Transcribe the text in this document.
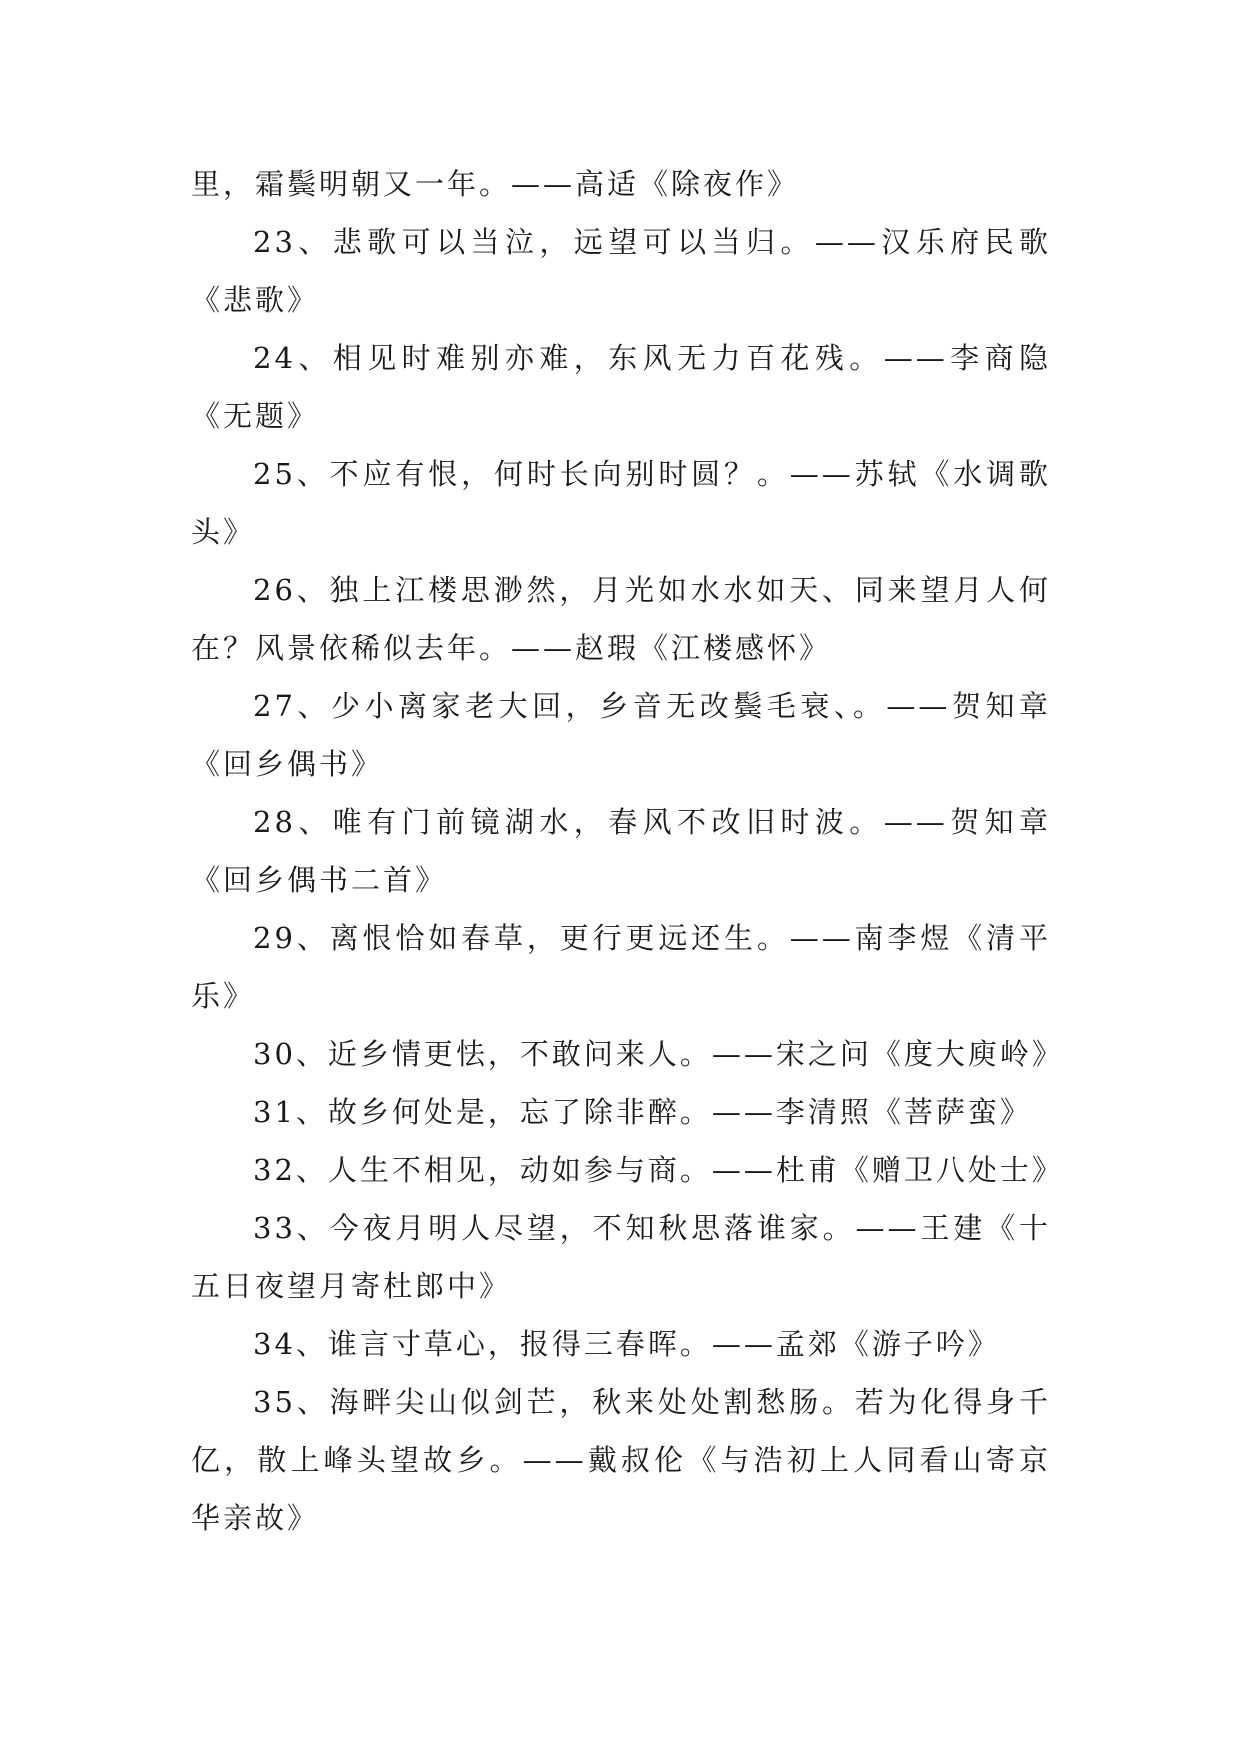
里，霜鬓明朝又一年。——高适《除夜作》

23、悲歌可以当泣，远望可以当归。——汉乐府民歌《悲歌》

24、相见时难别亦难，东风无力百花残。——李商隐《无题》

25、不应有恨，何时长向别时圆？。——苏轼《水调歌头》

26、独上江楼思渺然，月光如水水如天、同来望月人何在？风景依稀似去年。——赵瑕《江楼感怀》

27、少小离家老大回，乡音无改鬓毛衰、。——贺知章《回乡偶书》

28、唯有门前镜湖水，春风不改旧时波。——贺知章《回乡偶书二首》

29、离恨恰如春草，更行更远还生。——南李煜《清平乐》

30、近乡情更怯，不敢问来人。——宋之问《度大庾岭》

31、故乡何处是，忘了除非醉。——李清照《菩萨蛮》

32、人生不相见，动如参与商。——杜甫《赠卫八处士》

33、今夜月明人尽望，不知秋思落谁家。——王建《十五日夜望月寄杜郎中》

34、谁言寸草心，报得三春晖。——孟郊《游子吟》

35、海畔尖山似剑芒，秋来处处割愁肠。若为化得身千亿，散上峰头望故乡。——戴叔伦《与浩初上人同看山寄京华亲故》
